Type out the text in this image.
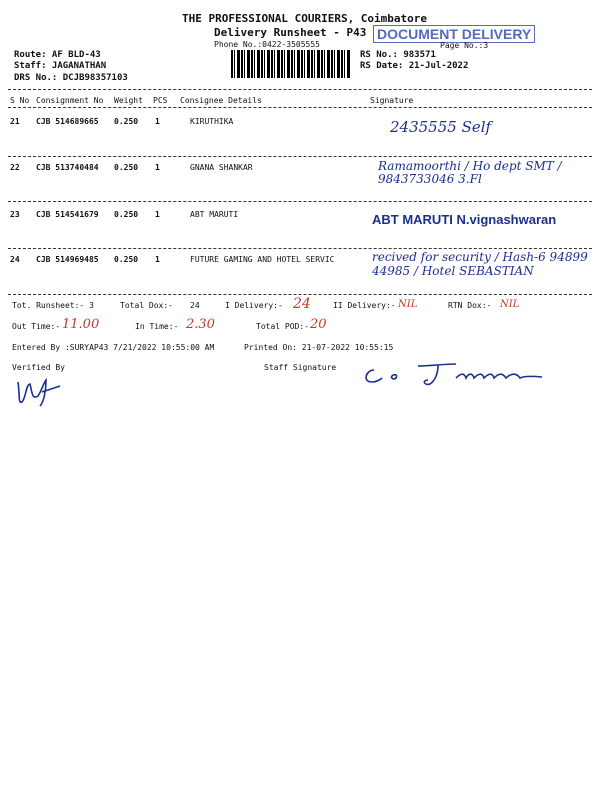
THE PROFESSIONAL COURIERS, Coimbatore
Delivery Runsheet - P43
Phone No.:0422-3505555
DOCUMENT DELIVERY
Page No.:3
Route: AF BLD-43
Staff: JAGANATHAN
DRS No.: DCJB98357103
RS No.: 983571
RS Date: 21-Jul-2022
S No Consignment No Weight PCS Consignee Details	Signature
21 CJB 514689665 0.250 1	KIRUTHIKA	2435555 Self
22 CJB 513740484 0.250 1	GNANA SHANKAR	Ramamoorthi / Ho dept SMT / 9843733046 3.Fl
23 CJB 514541679 0.250 1	ABT MARUTI	ABT MARUTI N.vignashwaran
24 CJB 514969485 0.250 1	FUTURE GAMING AND HOTEL SERVIC	recived for security / Hash-6 94899 44985 / Hotel SEBASTIAN
Tot. Runsheet:- 3	Total Dox:- 24	I Delivery:- 24	II Delivery:- NIL	RTN Dox:- NIL
Out Time:- 11.00	In Time:- 2.30	Total POD:- 20
Entered By :SURYAP43 7/21/2022 10:55:00 AM	Printed On: 21-07-2022 10:55:15
Verified By	Staff Signature
